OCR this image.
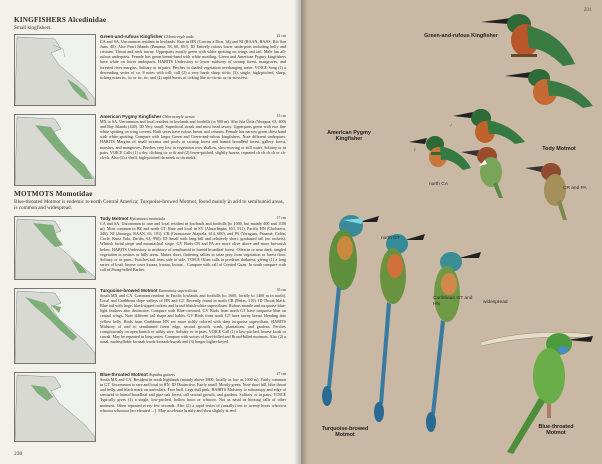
KINGFISHERS Alcedinidae
Small kingfishers.
22 cm
Green-and-rufous Kingfisher Chloroceryle inda
CA and SA. Uncommon resident in lowlands. Rare in HN (Gracias a Dios, 34) and NI (RAAN, RAAS, Río San Juan, 40). Also Pearl Islands (Panama, 58, 60, 85?). ID Entirely rufous lower underparts including belly and crissum. Throat and neck tawny. Upperparts mostly green with white spotting on wings and tail. Male has all-rufous underparts. Female has green breast-band with white mottling. Green and American Pygmy kingfishers have white on lower underparts. HABITS Understory to lower midstory of swamp forest, mangroves, and forested river margins. Solitary or in pairs. Perches in shaded vegetation overhanging water. VOICE Song (1) a descending series of ca. 8 notes with trill; call (2) a very harsh sharp zit-tic (3), single, high-pitched, sharp, ticking notes tic, tic or tic, tic; and (4) rapid bursts of ticking like tic-tic-tic or tsi-tsi-tsi-tsi.
13 cm
American Pygmy Kingfisher Chloroceryle aenea
MX to SA. Uncommon and local resident in lowlands and foothills (to 900 m). Also Isla Útila (Veragua, 63, 400) and Bay Islands (440). ID Very small. Superficial streak and most head tawny. Upperparts green with two fine white spotting on wing coverts. Both sexes have rufous breast and crissum. Female has narrow green chest band with white spotting. Compare with larger Green and Green-and-rufous kingfishers. Note different underparts. HABITS Margins of small streams and pools in swamp forest and humid broadleaf forest, gallery forest, marshes, and mangroves. Perches very low in vegetation over shallow, slow-moving or still water. Solitary or in pairs. VOICE Calls (1) a dry, clicking tic or tk and (2) lower-pitched, slightly hoarse, repeated ch ch ch ch or ch-ch-ch. Also (3) a shrill, high-pitched chreeeek or chrriinkk.
MOTMOTS Momotidae
Blue-throated Motmot is endemic to north Central America; Turquoise-browed Motmot, found mainly in arid to semihumid areas, is common and widespread.
17 cm
Tody Motmot Hylomanes momotula
CA and SA. Uncommon to rare and local resident in lowlands and foothills (to 1000, but mainly 400 and 1100 m). Most common in BZ and north GT. Rare and local in SV (Ahuachapán, 651, 911), Pacific HN (Choluteca, 346). NI (Jinotega, RAAN, 63, 101). CR (Guanacaste Alajuela, 614, 600), and PA (Veraguas, Panamá, Colón, Coclé, Kuna Yala, Darién, 63, 990). ID Small with long bill and relatively short, graduated tail (no rackets). Whitish facial stripe and moustachial stripe. GV Birds CR and PA are more olive above and more brownish below. HABITS Understory to midstory of semihumid to humid broadleaf forest. Often in or near dark, tangled vegetation in ravines or hilly areas. Makes short, fluttering sallies to seize prey from vegetation or forest floor. Solitary or in pairs. Twitches tail from side to side. VOICE Often calls in predawn darkness, giving (1) a long series of loud, hoarse cows kwaaa, kwaaa, kwaaa... Compare with call of Crested Guan. In south compare with call of Prong-billed Barbet.
35 cm
Turquoise-browed Motmot Eumomota superciliosa
South MX and CA. Common resident in Pacific lowlands and foothills (to 1600, locally to 1400 m in north). Local and Caribbean slope valleys of HN and GT. Recently found in north CR (Peñas, 319). ID Throat black. Blue tail with large, black-tipped rackets and broad bluish-white supercilium. Rufous mantle and turquoise blue-light feathers also distinctive. Compare with Blue-crowned. GV Birds from north GT have turquoise blue on central wings. Note different tail shape and habits. GV Birds from north GT have tawny breast blending into yellow belly. Birds from Caribbean HN are more richly colored with deep turquoise superciliam. HABITS Midstory of arid to semihumid forest edge, second growth, scrub, plantations, and gardens. Perches conspicuously on open branch or utility wire. Solitary or in pairs. VOICE Call (1) a low-pitched, hoarse kwak or cawak. May be repeated in long series. Compare with voices of Keel-billed and Broad-billed motmots. Also (2) a nasal, multisyllabic kwaaak kwok kwaaak-kwoak and (3) longer higher-keyed.
27 cm
Blue-throated Motmot Aspatha gularis
South MX and CA. Resident in north highlands (mainly above 1800, locally as low as 1000 m). Fairly common in GT. Uncommon to rare and local in HN. ID Distinctive. Fairly small. Mostly green. Note short bill, blue throat and belly, and black mark on auriculars. Face buff. Legs dull pink. HABITS Midstory to subcanopy and edge of semiarid to humid broadleaf and pine-oak forest, tall second growth, and gardens. Solitary or in pairs. VOICE Typically gives (1) a single, low-pitched, hollow hooo or whoooo. Not as nasal as hooting calls of other motmots. Often repeated every few seconds. Also (2) a rapid series of (usually) ten to twenty hoots whooo-a whoooa whooooa [accelerated ... ]. May accelerate briskly and slow slightly at end.
230
231
Green-and-rufous Kingfisher
American Pygmy Kingfisher
♂
♀	Tody Motmot
north CA
CR and PA
Turquoise-browed Motmot
north GT
Caribbean GT and HN	widespread
Blue-throated Motmot
